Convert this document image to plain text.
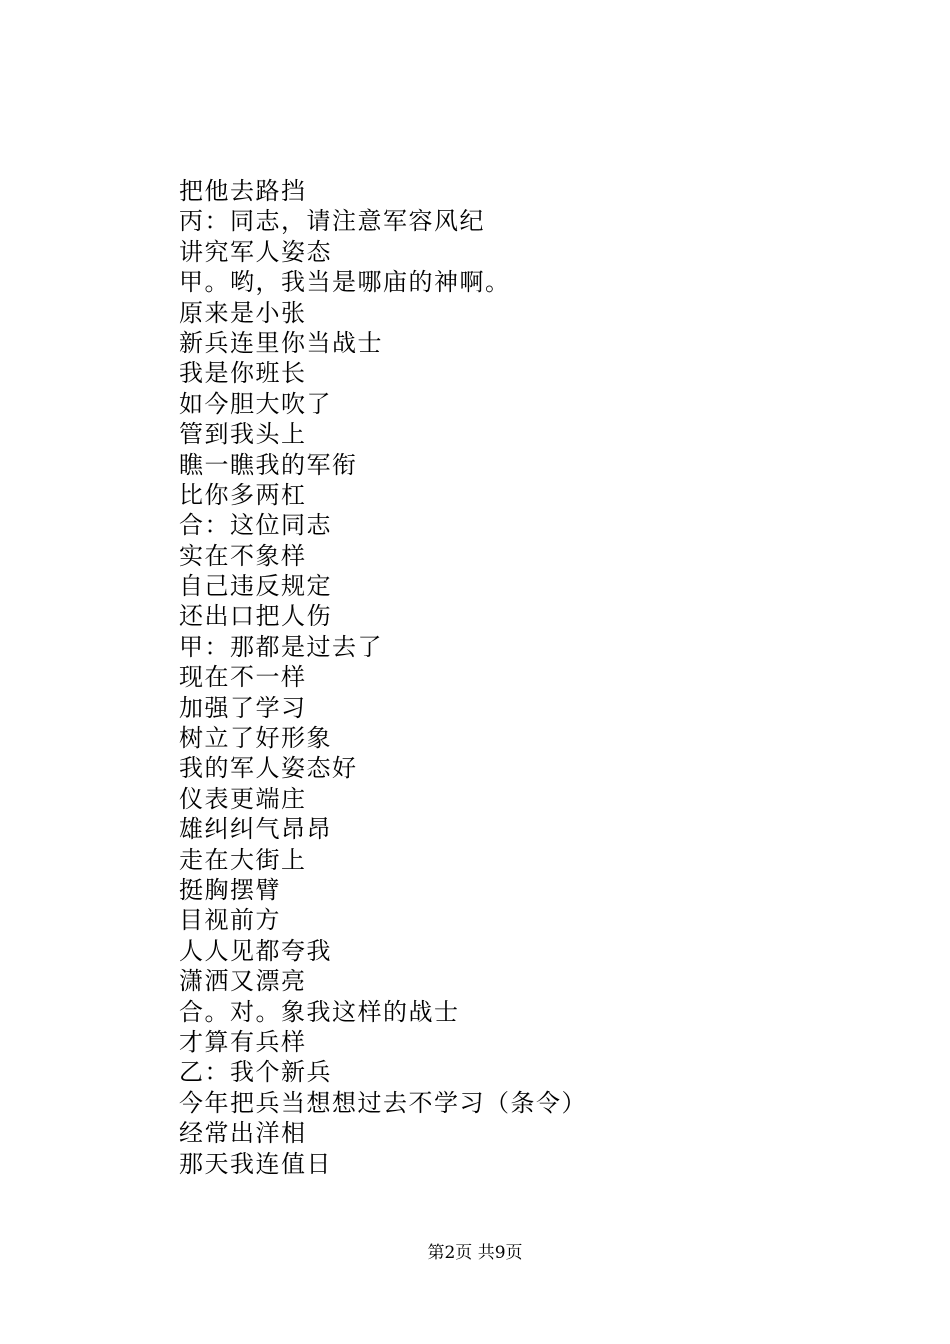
把他去路挡
丙：同志，请注意军容风纪
讲究军人姿态
甲。哟，我当是哪庙的神啊。
原来是小张
新兵连里你当战士
我是你班长
如今胆大吹了
管到我头上
瞧一瞧我的军衔
比你多两杠
合：这位同志
实在不象样
自己违反规定
还出口把人伤
甲：那都是过去了
现在不一样
加强了学习
树立了好形象
我的军人姿态好
仪表更端庄
雄纠纠气昂昂
走在大街上
挺胸摆臂
目视前方
人人见都夸我
潇洒又漂亮
合。对。象我这样的战士
才算有兵样
乙：我个新兵
今年把兵当想想过去不学习（条令）
经常出洋相
那天我连值日
第2页 共9页
